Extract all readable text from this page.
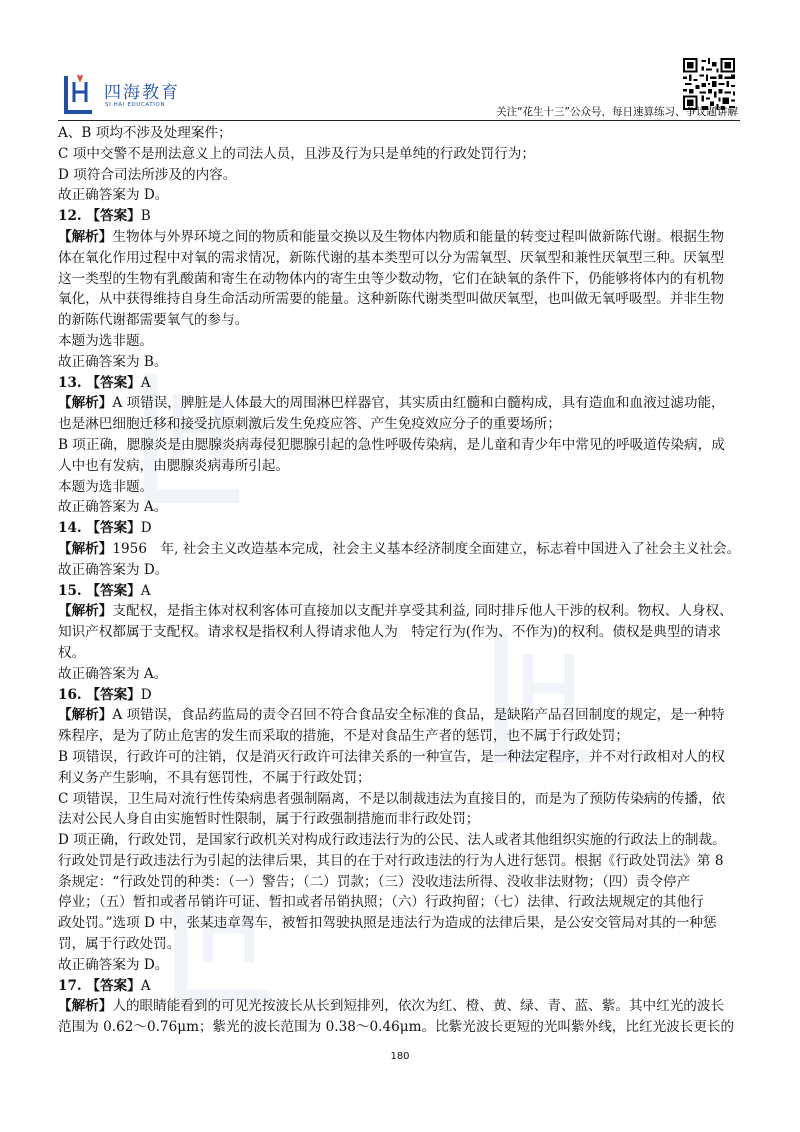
四海教育
SI HAI EDUCATION
关注“花生十三”公众号，每日速算练习、争议题讲解
A、B 项均不涉及处理案件；
C 项中交警不是刑法意义上的司法人员，且涉及行为只是单纯的行政处罚行为；
D 项符合司法所涉及的内容。
故正确答案为 D。
12. 【答案】B
【解析】生物体与外界环境之间的物质和能量交换以及生物体内物质和能量的转变过程叫做新陈代谢。根据生物
体在氧化作用过程中对氧的需求情况，新陈代谢的基本类型可以分为需氧型、厌氧型和兼性厌氧型三种。厌氧型
这一类型的生物有乳酸菌和寄生在动物体内的寄生虫等少数动物，它们在缺氧的条件下，仍能够将体内的有机物
氧化，从中获得维持自身生命活动所需要的能量。这种新陈代谢类型叫做厌氧型，也叫做无氧呼吸型。并非生物
的新陈代谢都需要氧气的参与。
本题为选非题。
故正确答案为 B。
13. 【答案】A
【解析】A 项错误，脾脏是人体最大的周围淋巴样器官，其实质由红髓和白髓构成，具有造血和血液过滤功能，
也是淋巴细胞迁移和接受抗原刺激后发生免疫应答、产生免疫效应分子的重要场所；
B 项正确，腮腺炎是由腮腺炎病毒侵犯腮腺引起的急性呼吸传染病，是儿童和青少年中常见的呼吸道传染病，成
人中也有发病，由腮腺炎病毒所引起。
本题为选非题。
故正确答案为 A。
14. 【答案】D
【解析】1956　年, 社会主义改造基本完成，社会主义基本经济制度全面建立，标志着中国进入了社会主义社会。
故正确答案为 D。
15. 【答案】A
【解析】支配权，是指主体对权利客体可直接加以支配并享受其利益, 同时排斥他人干涉的权利。物权、人身权、
知识产权都属于支配权。请求权是指权利人得请求他人为　特定行为(作为、不作为)的权利。债权是典型的请求
权。
故正确答案为 A。
16. 【答案】D
【解析】A 项错误，食品药监局的责令召回不符合食品安全标准的食品，是缺陷产品召回制度的规定，是一种特
殊程序，是为了防止危害的发生而采取的措施，不是对食品生产者的惩罚，也不属于行政处罚；
B 项错误，行政许可的注销，仅是消灭行政许可法律关系的一种宣告，是一种法定程序，并不对行政相对人的权
利义务产生影响，不具有惩罚性，不属于行政处罚；
C 项错误，卫生局对流行性传染病患者强制隔离，不是以制裁违法为直接目的，而是为了预防传染病的传播，依
法对公民人身自由实施暂时性限制，属于行政强制措施而非行政处罚；
D 项正确，行政处罚，是国家行政机关对构成行政违法行为的公民、法人或者其他组织实施的行政法上的制裁。
行政处罚是行政违法行为引起的法律后果，其目的在于对行政违法的行为人进行惩罚。根据《行政处罚法》第 8
条规定：“行政处罚的种类：（一）警告；（二）罚款；（三）没收违法所得、没收非法财物；（四）责令停产
停业；（五）暂扣或者吊销许可证、暂扣或者吊销执照；（六）行政拘留；（七）法律、行政法规规定的其他行
政处罚。”选项 D 中，张某违章驾车，被暂扣驾驶执照是违法行为造成的法律后果，是公安交管局对其的一种惩
罚，属于行政处罚。
故正确答案为 D。
17. 【答案】A
【解析】人的眼睛能看到的可见光按波长从长到短排列，依次为红、橙、黄、绿、青、蓝、紫。其中红光的波长
范围为 0.62～0.76μm；紫光的波长范围为 0.38～0.46μm。比紫光波长更短的光叫紫外线，比红光波长更长的
180
